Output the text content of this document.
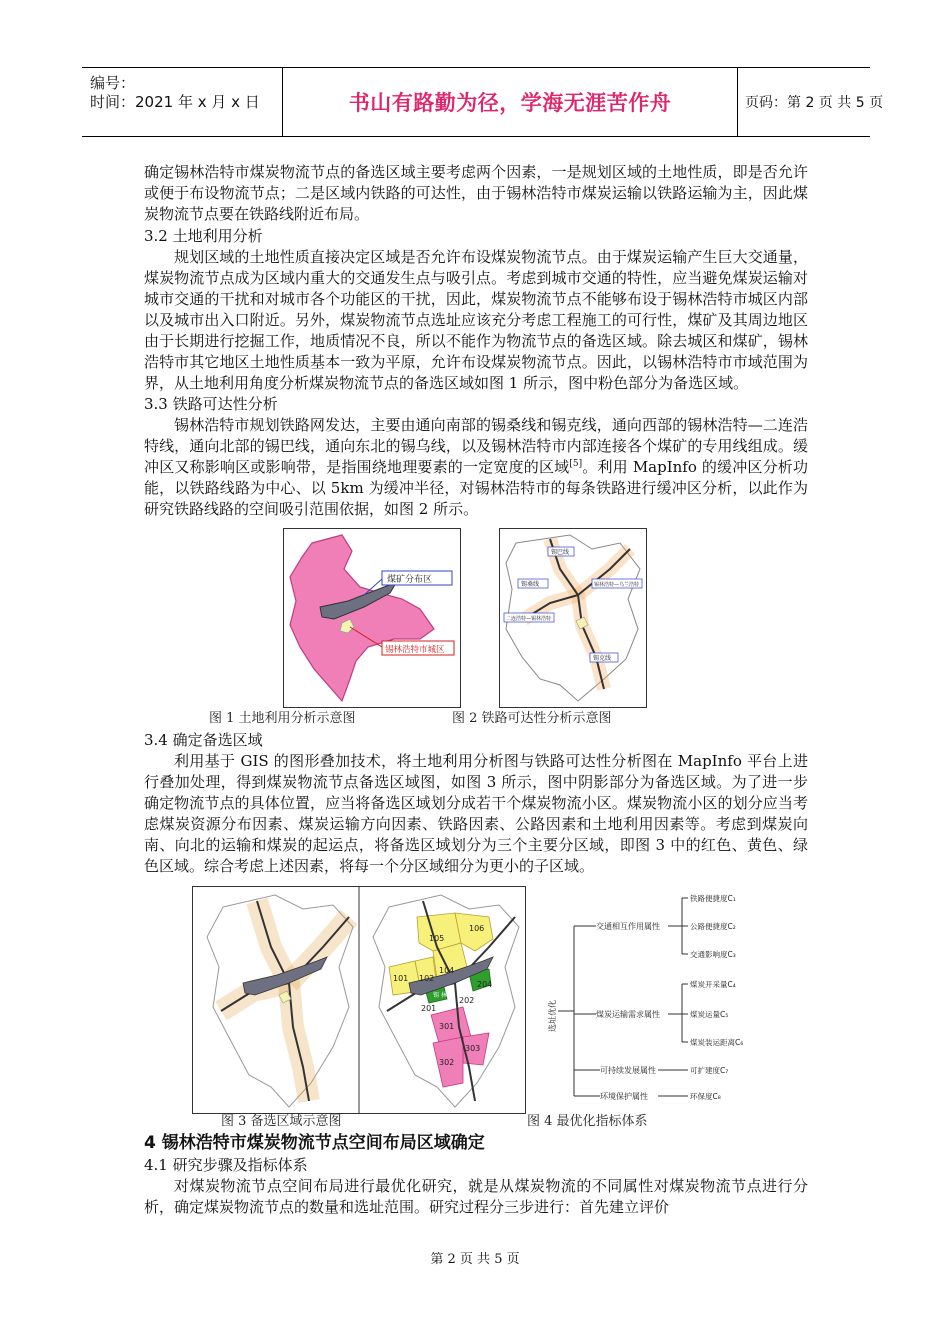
编号：
时间：2021 年 x 月 x 日	书山有路勤为径，学海无涯苦作舟	页码：第 2 页 共 5 页

确定锡林浩特市煤炭物流节点的备选区域主要考虑两个因素，一是规划区域的土地性质，即是否允许或便于布设物流节点；二是区域内铁路的可达性，由于锡林浩特市煤炭运输以铁路运输为主，因此煤炭物流节点要在铁路线附近布局。

3.2 土地利用分析

规划区域的土地性质直接决定区域是否允许布设煤炭物流节点。由于煤炭运输产生巨大交通量，煤炭物流节点成为区域内重大的交通发生点与吸引点。考虑到城市交通的特性，应当避免煤炭运输对城市交通的干扰和对城市各个功能区的干扰，因此，煤炭物流节点不能够布设于锡林浩特市城区内部以及城市出入口附近。另外，煤炭物流节点选址应该充分考虑工程施工的可行性，煤矿及其周边地区由于长期进行挖掘工作，地质情况不良，所以不能作为物流节点的备选区域。除去城区和煤矿，锡林浩特市其它地区土地性质基本一致为平原，允许布设煤炭物流节点。因此，以锡林浩特市市域范围为界，从土地利用角度分析煤炭物流节点的备选区域如图 1 所示，图中粉色部分为备选区域。

3.3 铁路可达性分析

锡林浩特市规划铁路网发达，主要由通向南部的锡桑线和锡克线，通向西部的锡林浩特—二连浩特线，通向北部的锡巴线，通向东北的锡乌线，以及锡林浩特市内部连接各个煤矿的专用线组成。缓冲区又称影响区或影响带，是指围绕地理要素的一定宽度的区域[5]。利用 MapInfo 的缓冲区分析功能，以铁路线路为中心、以 5km 为缓冲半径，对锡林浩特市的每条铁路进行缓冲区分析，以此作为研究铁路线路的空间吸引范围依据，如图 2 所示。

煤矿分布区
锡林浩特市城区
锡巴线
锡桑线	锡林浩特—乌兰浩特
二连浩特—锡林浩特
锡克线
图 1 土地利用分析示意图	图 2 铁路可达性分析示意图
3.4 确定备选区域

利用基于 GIS 的图形叠加技术，将土地利用分析图与铁路可达性分析图在 MapInfo 平台上进行叠加处理，得到煤炭物流节点备选区域图，如图 3 所示，图中阴影部分为备选区域。为了进一步确定物流节点的具体位置，应当将备选区域划分成若干个煤炭物流小区。煤炭物流小区的划分应当考虑煤炭资源分布因素、煤炭运输方向因素、铁路因素、公路因素和土地利用因素等。考虑到煤炭向南、向北的运输和煤炭的起运点，将备选区域划分为三个主要分区域，即图 3 中的红色、黄色、绿色区域。综合考虑上述因素，将每一个分区域细分为更小的子区域。

105
106
101 102
104
201
204
202
301
303
302
锡 林 浩 特
选址优化
交通相互作用属性
煤炭运输需求属性
可持续发展属性
环境保护属性
铁路便捷度C₁
公路便捷度C₂
交通影响度C₃
煤炭开采量C₄
煤炭运量C₅
煤炭装运距离C₆
可扩建度C₇
环保度C₈
图 3 备选区域示意图	图 4 最优化指标体系
4 锡林浩特市煤炭物流节点空间布局区域确定
4.1 研究步骤及指标体系

对煤炭物流节点空间布局进行最优化研究，就是从煤炭物流的不同属性对煤炭物流节点进行分析，确定煤炭物流节点的数量和选址范围。研究过程分三步进行：首先建立评价

第 2 页 共 5 页
